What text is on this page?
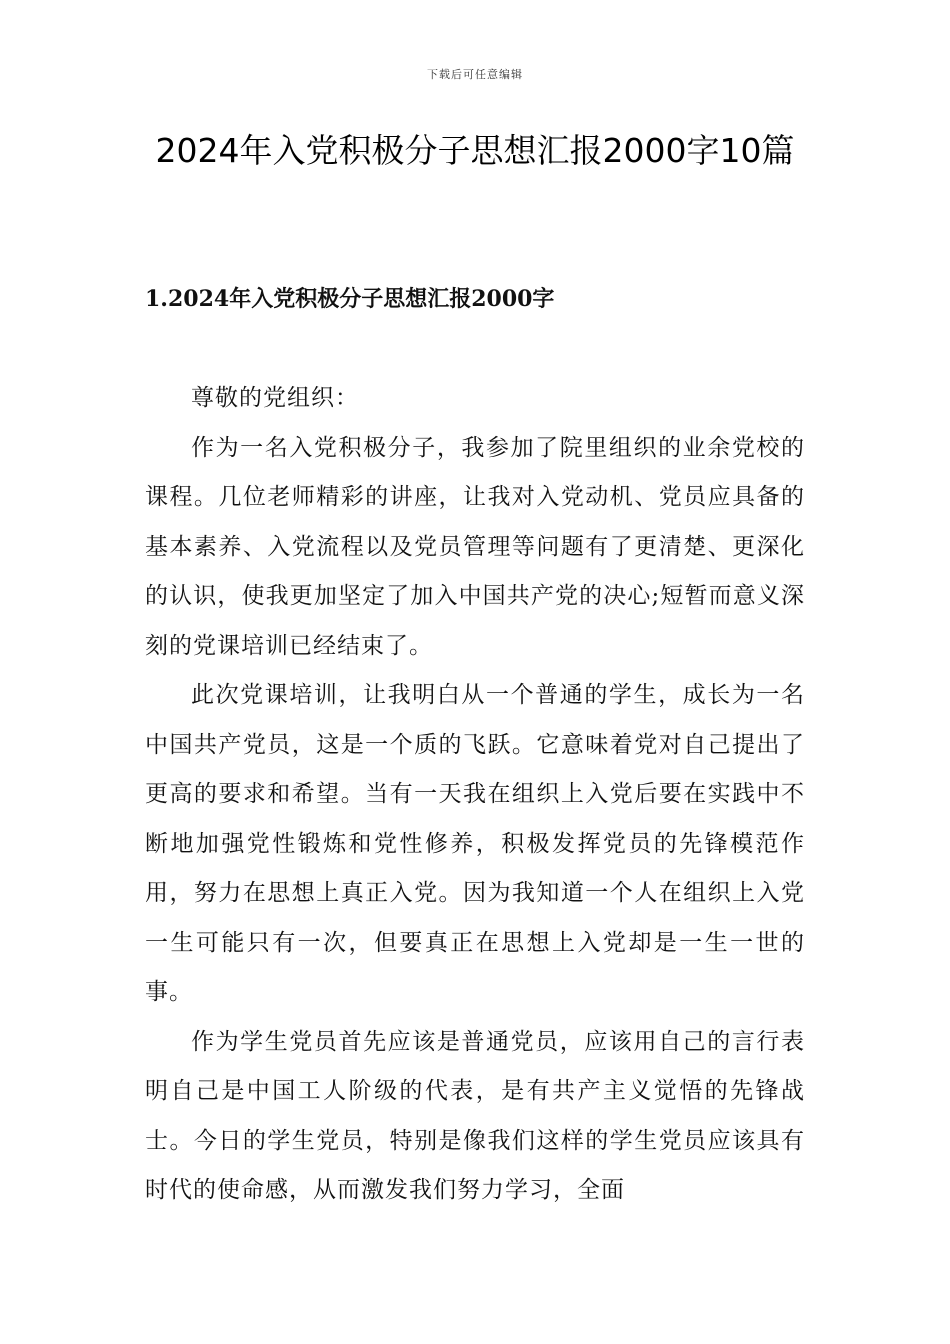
下载后可任意编辑
2024年入党积极分子思想汇报2000字10篇
1.2024年入党积极分子思想汇报2000字

尊敬的党组织：

作为一名入党积极分子，我参加了院里组织的业余党校的课程。几位老师精彩的讲座，让我对入党动机、党员应具备的基本素养、入党流程以及党员管理等问题有了更清楚、更深化的认识，使我更加坚定了加入中国共产党的决心;短暂而意义深刻的党课培训已经结束了。

此次党课培训，让我明白从一个普通的学生，成长为一名中国共产党员，这是一个质的飞跃。它意味着党对自己提出了更高的要求和希望。当有一天我在组织上入党后要在实践中不断地加强党性锻炼和党性修养，积极发挥党员的先锋模范作用，努力在思想上真正入党。因为我知道一个人在组织上入党一生可能只有一次，但要真正在思想上入党却是一生一世的事。

作为学生党员首先应该是普通党员，应该用自己的言行表明自己是中国工人阶级的代表，是有共产主义觉悟的先锋战士。今日的学生党员，特别是像我们这样的学生党员应该具有时代的使命感，从而激发我们努力学习，全面
